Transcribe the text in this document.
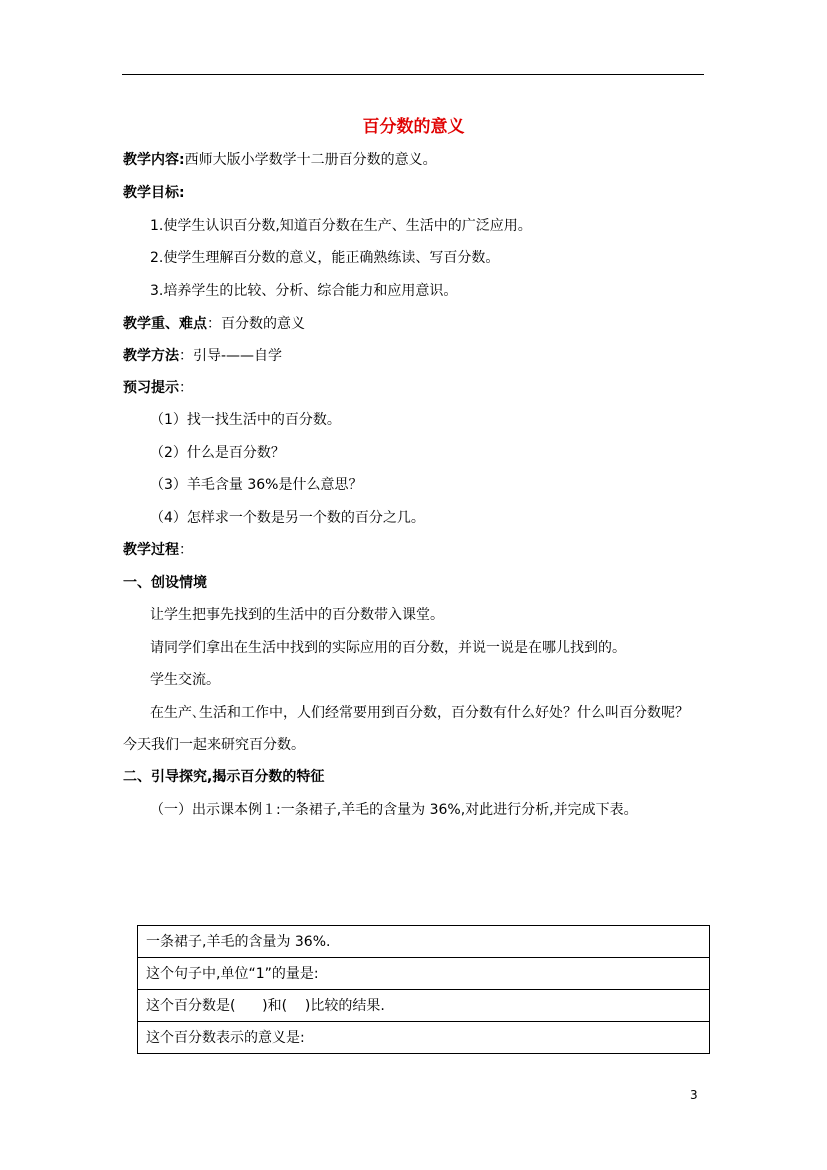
百分数的意义
教学内容:西师大版小学数学十二册百分数的意义。
教学目标:
1.使学生认识百分数,知道百分数在生产、生活中的广泛应用。
2.使学生理解百分数的意义，能正确熟练读、写百分数。
3.培养学生的比较、分析、综合能力和应用意识。
教学重、难点：百分数的意义
教学方法：引导-——自学
预习提示：
（1）找一找生活中的百分数。
（2）什么是百分数？
（3）羊毛含量 36%是什么意思？
（4）怎样求一个数是另一个数的百分之几。
教学过程：
一、创设情境
让学生把事先找到的生活中的百分数带入课堂。
请同学们拿出在生活中找到的实际应用的百分数，并说一说是在哪儿找到的。
学生交流。
在生产､生活和工作中，人们经常要用到百分数，百分数有什么好处？什么叫百分数呢？
今天我们一起来研究百分数。
二、引导探究,揭示百分数的特征
（一）出示课本例１:一条裙子,羊毛的含量为 36%,对此进行分析,并完成下表。
一条裙子,羊毛的含量为 36%.
这个句子中,单位“1”的量是:
这个百分数是(      )和(    )比较的结果.
这个百分数表示的意义是:
3
